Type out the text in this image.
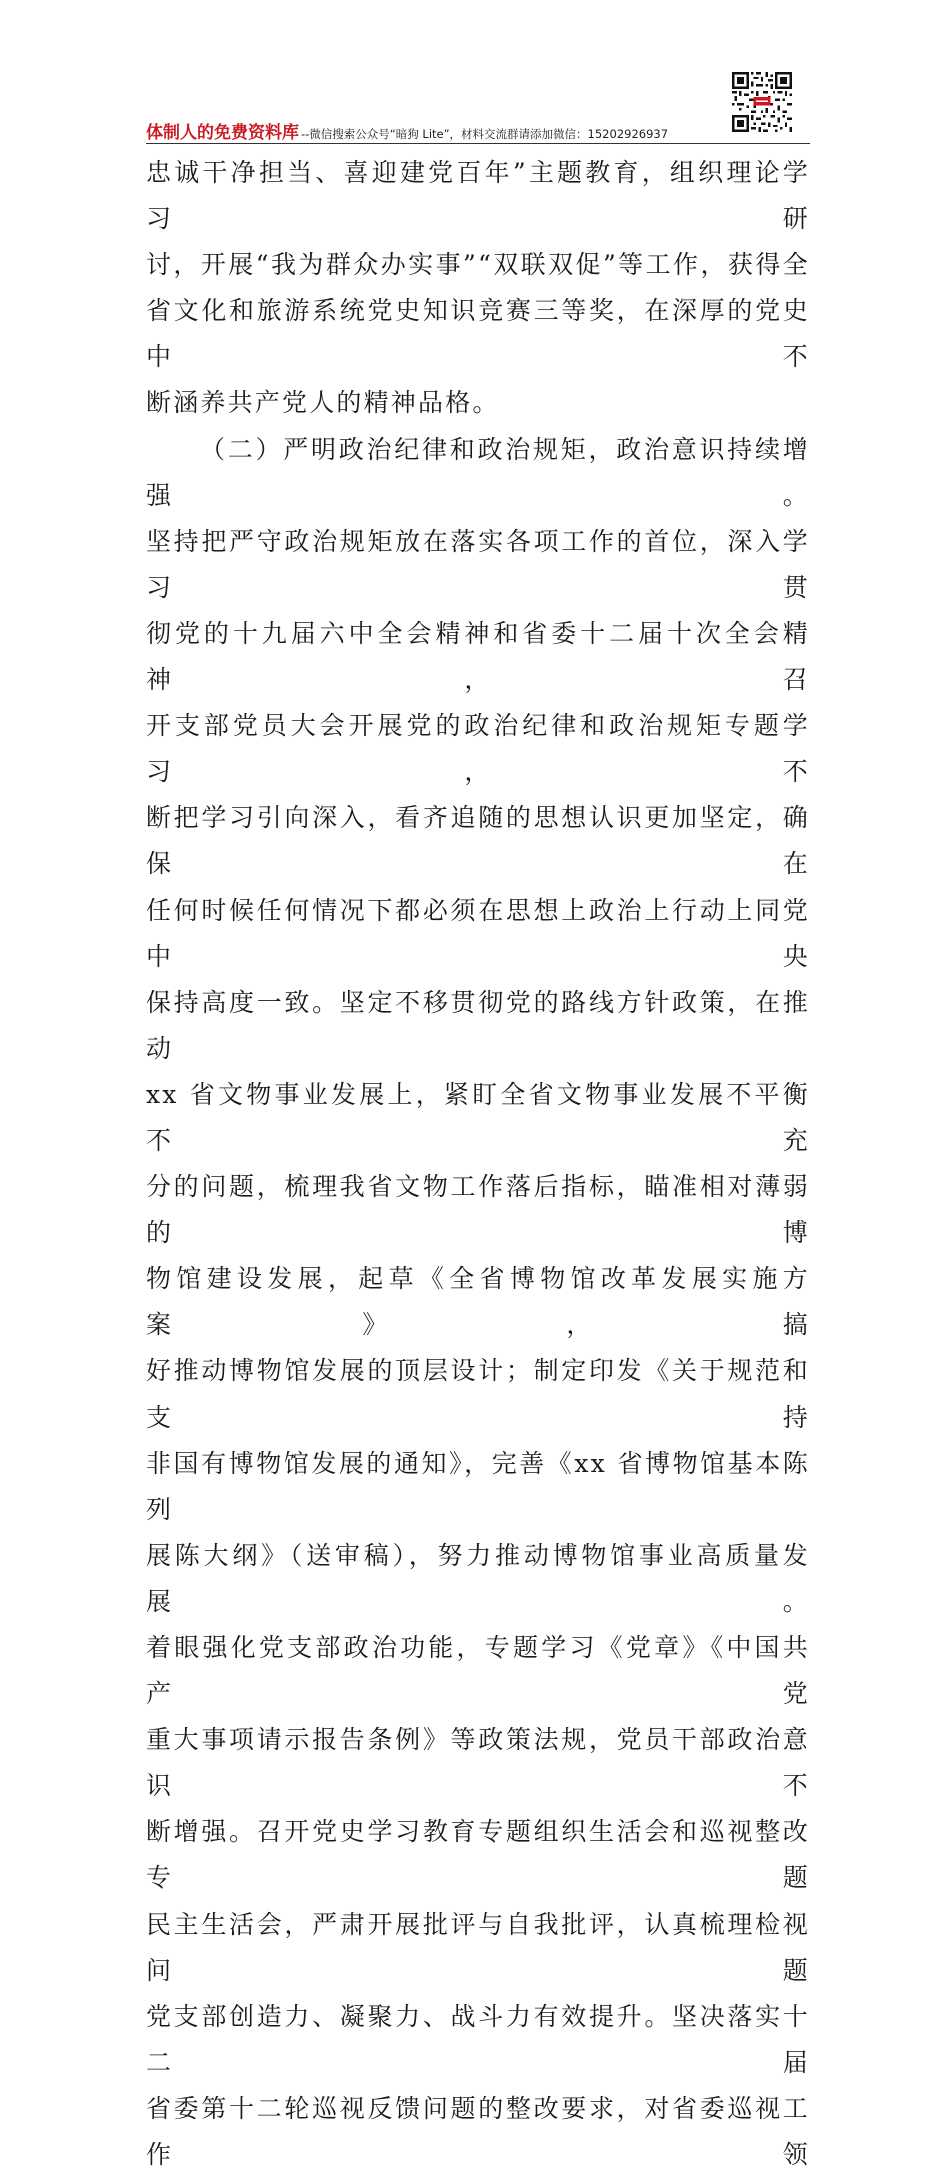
体制人的免费资料库 --微信搜索公众号“暗狗 Lite”，材料交流群请添加微信：15202926937

忠诚干净担当、喜迎建党百年”主题教育，组织理论学习研

讨，开展“我为群众办实事”“双联双促”等工作，获得全

省文化和旅游系统党史知识竞赛三等奖，在深厚的党史中不

断涵养共产党人的精神品格。

（二）严明政治纪律和政治规矩，政治意识持续增强。

坚持把严守政治规矩放在落实各项工作的首位，深入学习贯

彻党的十九届六中全会精神和省委十二届十次全会精神，召

开支部党员大会开展党的政治纪律和政治规矩专题学习，不

断把学习引向深入，看齐追随的思想认识更加坚定，确保在

任何时候任何情况下都必须在思想上政治上行动上同党中央

保持高度一致。坚定不移贯彻党的路线方针政策，在推动

xx 省文物事业发展上，紧盯全省文物事业发展不平衡不充

分的问题，梳理我省文物工作落后指标，瞄准相对薄弱的博

物馆建设发展，起草《全省博物馆改革发展实施方案》，搞

好推动博物馆发展的顶层设计；制定印发《关于规范和支持

非国有博物馆发展的通知》，完善《xx 省博物馆基本陈列

展陈大纲》（送审稿），努力推动博物馆事业高质量发展。

着眼强化党支部政治功能，专题学习《党章》《中国共产党

重大事项请示报告条例》等政策法规，党员干部政治意识不

断增强。召开党史学习教育专题组织生活会和巡视整改专题

民主生活会，严肃开展批评与自我批评，认真梳理检视问题

党支部创造力、凝聚力、战斗力有效提升。坚决落实十二届

省委第十二轮巡视反馈问题的整改要求，对省委巡视工作领
